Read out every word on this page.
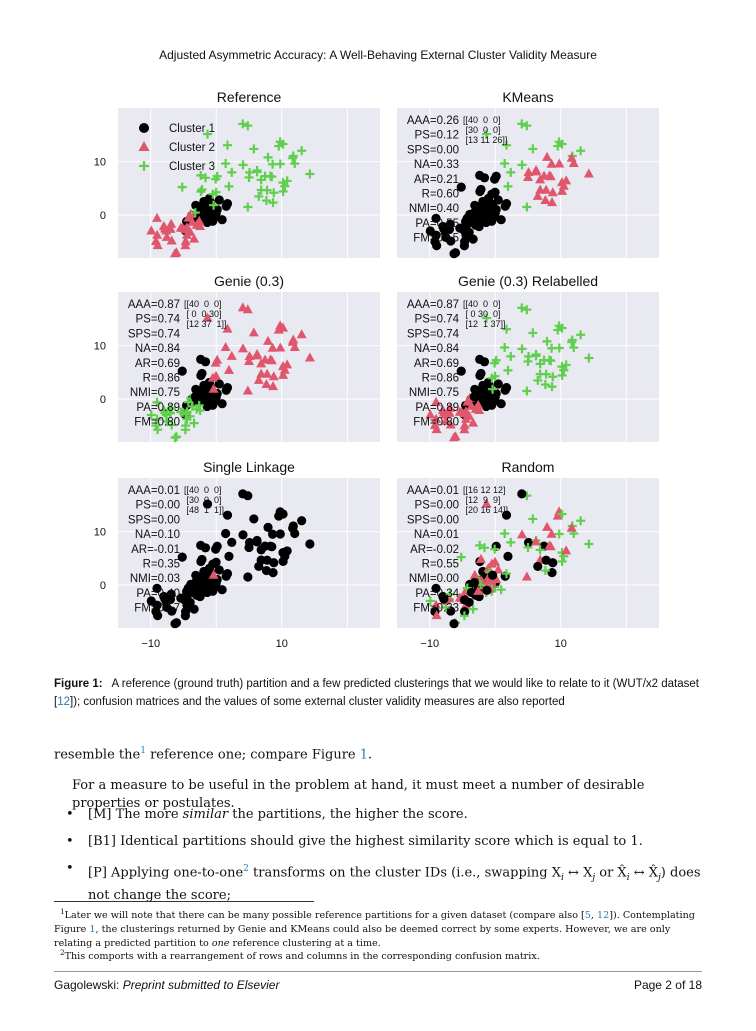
Adjusted Asymmetric Accuracy: A Well-Behaving External Cluster Validity Measure
Reference
10
0
Cluster 1
Cluster 2
Cluster 3
KMeans
AAA=0.26
PS=0.12
SPS=0.00
NA=0.33
AR=0.21
R=0.60
NMI=0.40
PA=0.55
FM=0.55
[[40  0  0]
[30  0  0]
[13 11 26]]
Genie (0.3)
10
0
AAA=0.87
PS=0.74
SPS=0.74
NA=0.84
AR=0.69
R=0.86
NMI=0.75
PA=0.89
FM=0.80
[[40  0  0]
[ 0  0 30]
[12 37  1]]
Genie (0.3) Relabelled
AAA=0.87
PS=0.74
SPS=0.74
NA=0.84
AR=0.69
R=0.86
NMI=0.75
PA=0.89
FM=0.80
[[40  0  0]
[ 0 30  0]
[12  1 37]]
Single Linkage
10
0
−10	10
AAA=0.01
PS=0.00
SPS=0.00
NA=0.10
AR=-0.01
R=0.35
NMI=0.03
PA=0.40
FM=0.57
[[40  0  0]
[30  0  0]
[48  1  1]]
Random
−10	10
AAA=0.01
PS=0.00
SPS=0.00
NA=0.01
AR=-0.02
R=0.55
NMI=0.00
PA=0.34
FM=0.33
[[16 12 12]
[12  9  9]
[20 16 14]]
Figure 1: A reference (ground truth) partition and a few predicted clusterings that we would like to relate to it (WUT/x2 dataset [12]); confusion matrices and the values of some external cluster validity measures are also reported
resemble the$^1$ reference one; compare Figure 1.
For a measure to be useful in the problem at hand, it must meet a number of desirable properties or postulates.
• [M] The more similar the partitions, the higher the score.
• [B1] Identical partitions should give the highest similarity score which is equal to 1.
• [P] Applying one-to-one$^2$ transforms on the cluster IDs (i.e., swapping $X_i$ ↔ $X_j$ or $X̂_i$ ↔ $X̂_j$) does not change the score;
$^1$Later we will note that there can be many possible reference partitions for a given dataset (compare also [5, 12]). Contemplating Figure 1, the clusterings returned by Genie and KMeans could also be deemed correct by some experts. However, we are only relating a predicted partition to one reference clustering at a time.
$^2$This comports with a rearrangement of rows and columns in the corresponding confusion matrix.
Gagolewski: Preprint submitted to Elsevier	Page 2 of 18
